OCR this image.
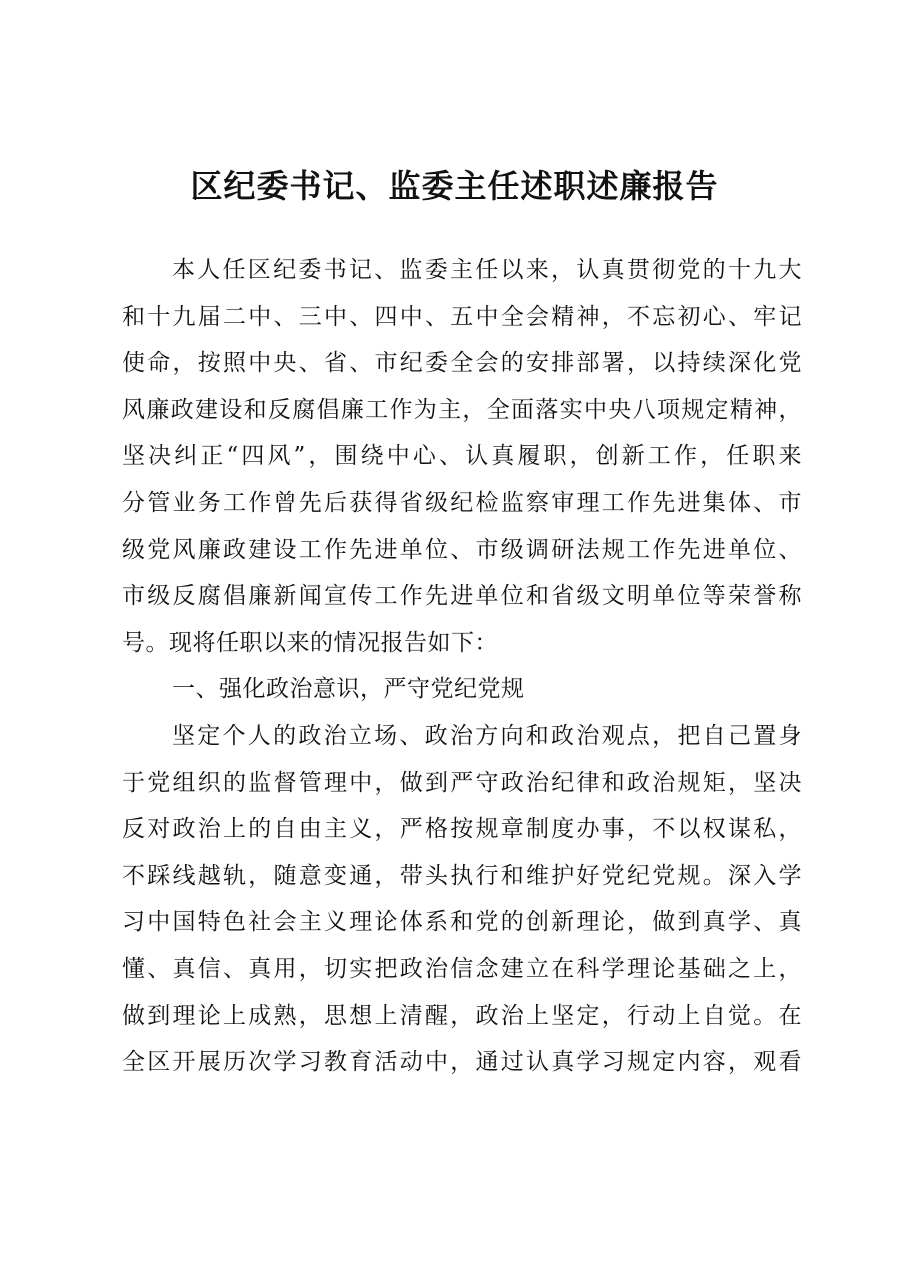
区纪委书记、监委主任述职述廉报告
本人任区纪委书记、监委主任以来，认真贯彻党的十九大
和十九届二中、三中、四中、五中全会精神，不忘初心、牢记
使命，按照中央、省、市纪委全会的安排部署，以持续深化党
风廉政建设和反腐倡廉工作为主，全面落实中央八项规定精神，
坚决纠正“四风”，围绕中心、认真履职，创新工作，任职来
分管业务工作曾先后获得省级纪检监察审理工作先进集体、市
级党风廉政建设工作先进单位、市级调研法规工作先进单位、
市级反腐倡廉新闻宣传工作先进单位和省级文明单位等荣誉称
号。现将任职以来的情况报告如下：
一、强化政治意识，严守党纪党规
坚定个人的政治立场、政治方向和政治观点，把自己置身
于党组织的监督管理中，做到严守政治纪律和政治规矩，坚决
反对政治上的自由主义，严格按规章制度办事，不以权谋私，
不踩线越轨，随意变通，带头执行和维护好党纪党规。深入学
习中国特色社会主义理论体系和党的创新理论，做到真学、真
懂、真信、真用，切实把政治信念建立在科学理论基础之上，
做到理论上成熟，思想上清醒，政治上坚定，行动上自觉。在
全区开展历次学习教育活动中，通过认真学习规定内容，观看
